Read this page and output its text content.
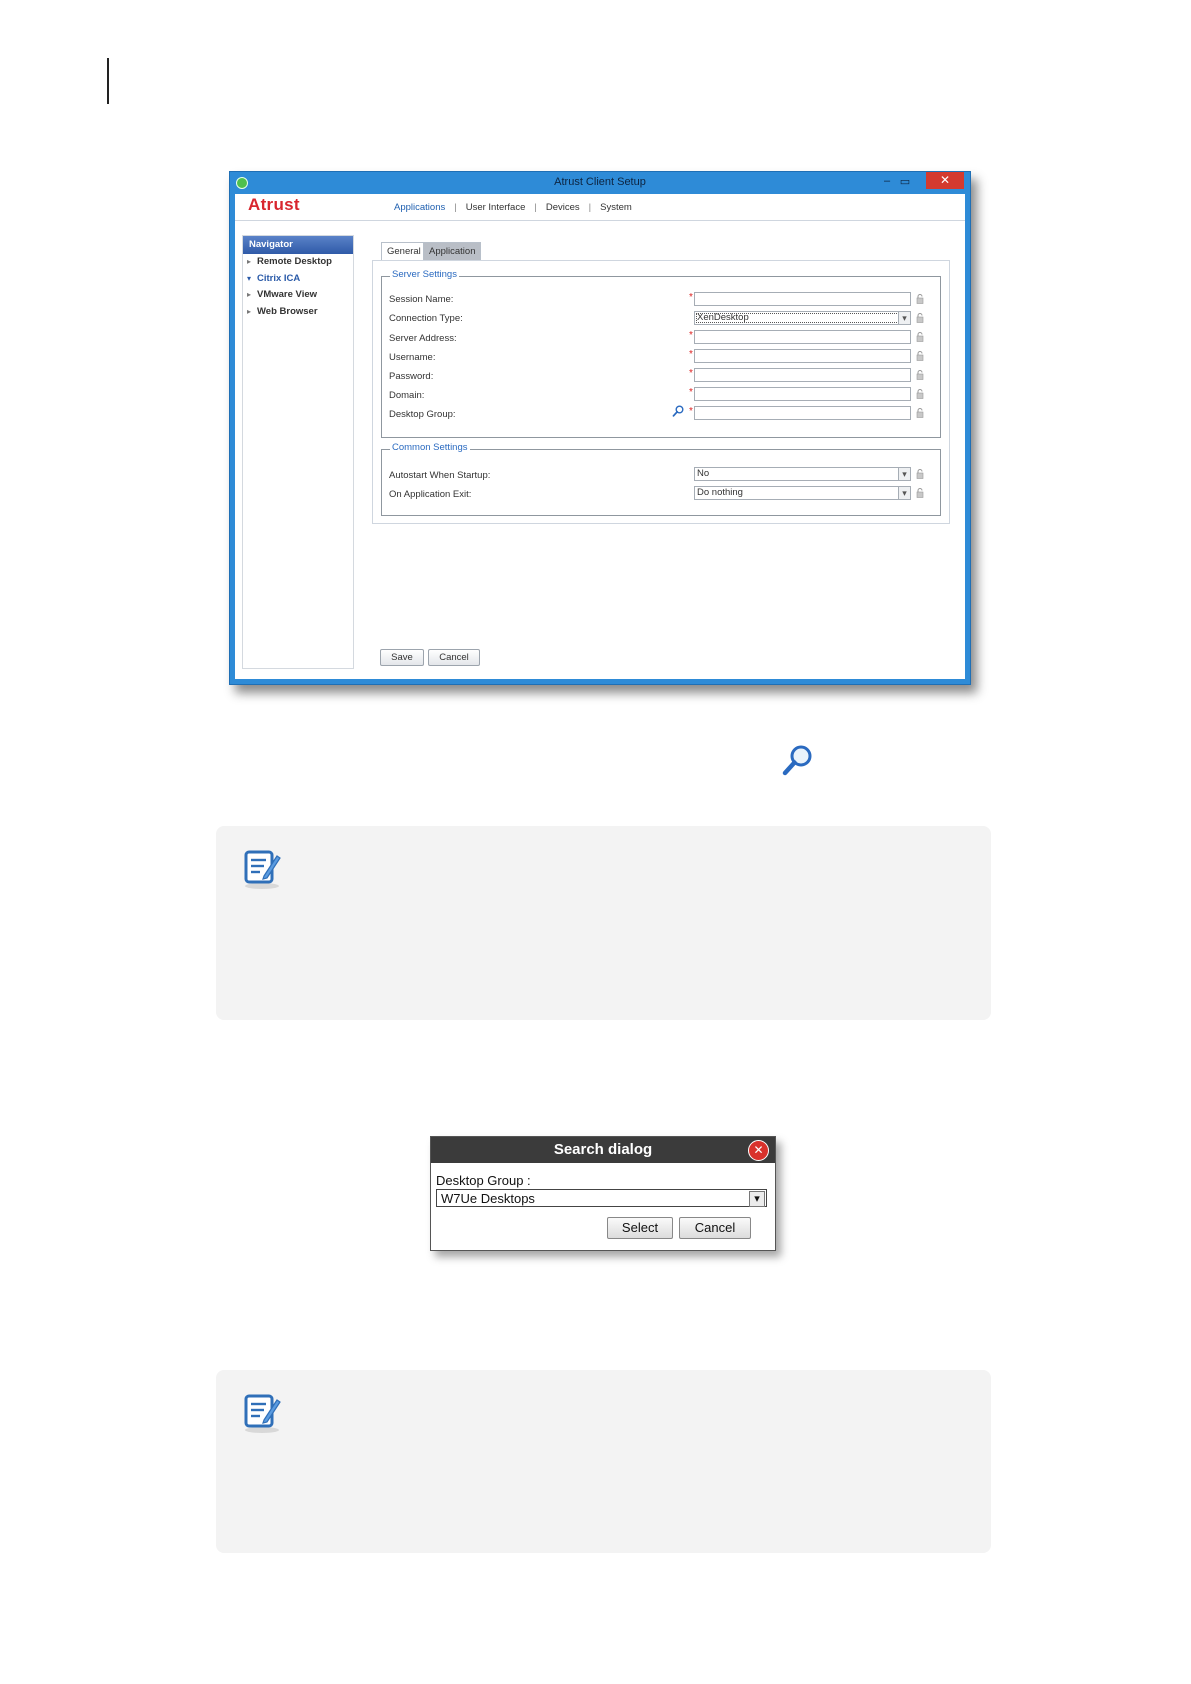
Atrust Client Setup	– ▭	✕
Atrust	Applications | User Interface | Devices | System
Navigator
▸ Remote Desktop
▾ Citrix ICA
▸ VMware View
▸ Web Browser
General Application
Server Settings
Session Name:	*
Connection Type:	XenDesktop ▾
Server Address:	*
Username:	*
Password:	*
Domain:	*
Desktop Group:	*
Common Settings
Autostart When Startup:	No ▾
On Application Exit:	Do nothing ▾
Save	Cancel
Search dialog	✕
Desktop Group :
W7Ue Desktops ▾
Select	Cancel
